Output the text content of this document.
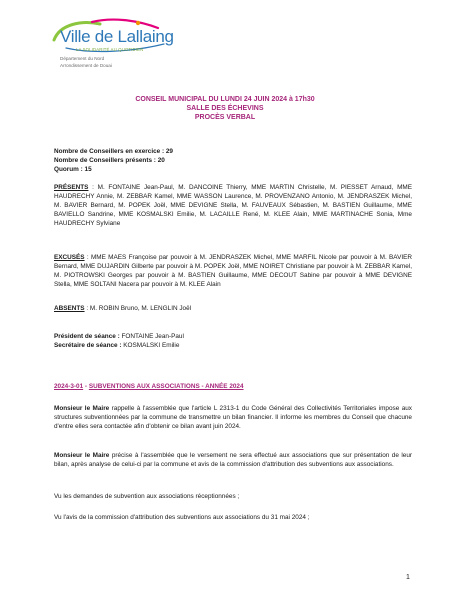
Ville de Lallaing
LA SOLIDARITÉ AU QUOTIDIEN
Département du Nord
Arrondissement de Douai
CONSEIL MUNICIPAL DU LUNDI 24 JUIN 2024 à 17h30
SALLE DES ÉCHEVINS
PROCÈS VERBAL
Nombre de Conseillers en exercice : 29
Nombre de Conseillers présents : 20
Quorum : 15
PRÉSENTS : M. FONTAINE Jean-Paul, M. DANCOINE Thierry, MME MARTIN Christelle, M. PIESSET Arnaud, MME HAUDRECHY Annie, M. ZEBBAR Kamel, MME WASSON Laurence, M. PROVENZANO Antonio, M. JENDRASZEK Michel, M. BAVIER Bernard, M. POPEK Joël, MME DEVIGNE Stella, M. FAUVEAUX Sébastien, M. BASTIEN Guillaume, MME BAVIELLO Sandrine, MME KOSMALSKI Emilie, M. LACAILLE René, M. KLEE Alain, MME MARTINACHE Sonia, Mme HAUDRECHY Sylviane
EXCUSÉS : MME MAES Françoise par pouvoir à M. JENDRASZEK Michel, MME MARFIL Nicole par pouvoir à M. BAVIER Bernard, MME DUJARDIN Gilberte par pouvoir à M. POPEK Joël, MME NOIRET Christiane par pouvoir à M. ZEBBAR Kamel, M. PIOTROWSKI Georges par pouvoir à M. BASTIEN Guillaume, MME DECOUT Sabine par pouvoir à MME DEVIGNE Stella, MME SOLTANI Nacera par pouvoir à M. KLEE Alain
ABSENTS : M. ROBIN Bruno, M. LENGLIN Joël
Président de séance : FONTAINE Jean-Paul
Secrétaire de séance : KOSMALSKI Emilie
2024-3-01 - SUBVENTIONS AUX ASSOCIATIONS - ANNÉE 2024
Monsieur le Maire rappelle à l'assemblée que l'article L 2313-1 du Code Général des Collectivités Territoriales impose aux structures subventionnées par la commune de transmettre un bilan financier. Il informe les membres du Conseil que chacune d'entre elles sera contactée afin d'obtenir ce bilan avant juin 2024.
Monsieur le Maire précise à l'assemblée que le versement ne sera effectué aux associations que sur présentation de leur bilan, après analyse de celui-ci par la commune et avis de la commission d'attribution des subventions aux associations.
Vu les demandes de subvention aux associations réceptionnées ;
Vu l'avis de la commission d'attribution des subventions aux associations du 31 mai 2024 ;
1
